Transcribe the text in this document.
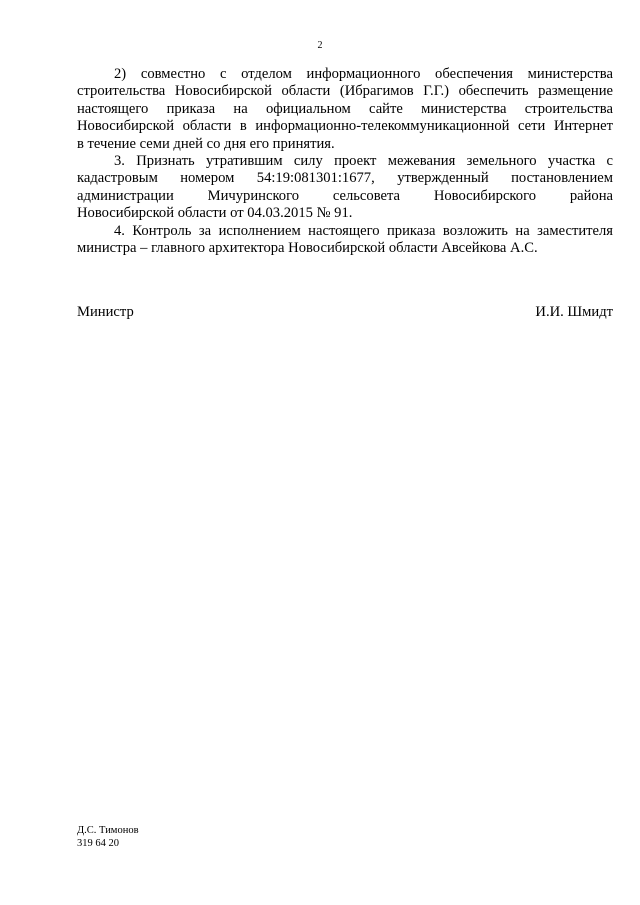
2
2) совместно с отделом информационного обеспечения министерства
строительства Новосибирской области (Ибрагимов Г.Г.) обеспечить размещение
настоящего приказа на официальном сайте министерства строительства
Новосибирской области в информационно-телекоммуникационной сети Интернет
в течение семи дней со дня его принятия.
3. Признать утратившим силу проект межевания земельного участка с
кадастровым номером 54:19:081301:1677, утвержденный постановлением
администрации Мичуринского сельсовета Новосибирского района
Новосибирской области от 04.03.2015 № 91.
4. Контроль за исполнением настоящего приказа возложить на заместителя
министра – главного архитектора Новосибирской области Авсейкова А.С.
Министр	И.И. Шмидт
Д.С. Тимонов
319 64 20
